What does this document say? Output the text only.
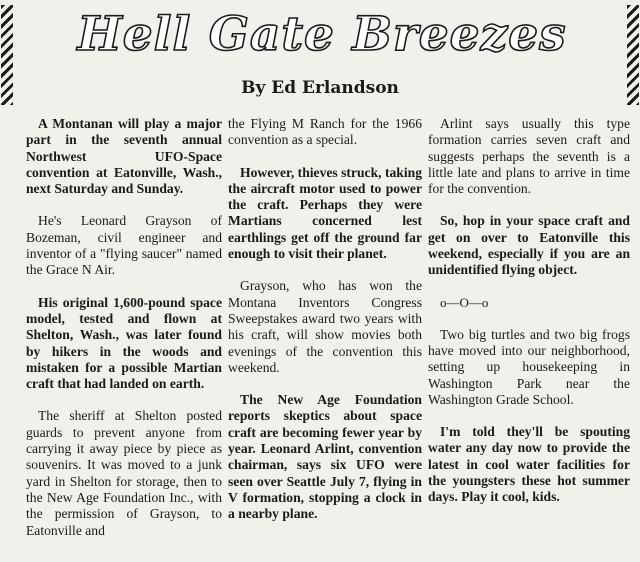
Hell Gate Breezes
By Ed Erlandson

A Montanan will play a major part in the seventh annual Northwest UFO-Space convention at Eatonville, Wash., next Saturday and Sunday.

He's Leonard Grayson of Bozeman, civil engineer and inventor of a "flying saucer" named the Grace N Air.

His original 1,600-pound space model, tested and flown at Shelton, Wash., was later found by hikers in the woods and mistaken for a possible Martian craft that had landed on earth.

The sheriff at Shelton posted guards to prevent anyone from carrying it away piece by piece as souvenirs. It was moved to a junk yard in Shelton for storage, then to the New Age Foundation Inc., with the permission of Grayson, to Eatonville and

the Flying M Ranch for the 1966 convention as a special.

However, thieves struck, taking the aircraft motor used to power the craft. Perhaps they were Martians concerned lest earthlings get off the ground far enough to visit their planet.

Grayson, who has won the Montana Inventors Congress Sweepstakes award two years with his craft, will show movies both evenings of the convention this weekend.

The New Age Foundation reports skeptics about space craft are becoming fewer year by year. Leonard Arlint, convention chairman, says six UFO were seen over Seattle July 7, flying in V formation, stopping a clock in a nearby plane.

Arlint says usually this type formation carries seven craft and suggests perhaps the seventh is a little late and plans to arrive in time for the convention.

So, hop in your space craft and get on over to Eatonville this weekend, especially if you are an unidentified flying object.

o—O—o

Two big turtles and two big frogs have moved into our neighborhood, setting up housekeeping in Washington Park near the Washington Grade School.

I'm told they'll be spouting water any day now to provide the latest in cool water facilities for the youngsters these hot summer days. Play it cool, kids.
